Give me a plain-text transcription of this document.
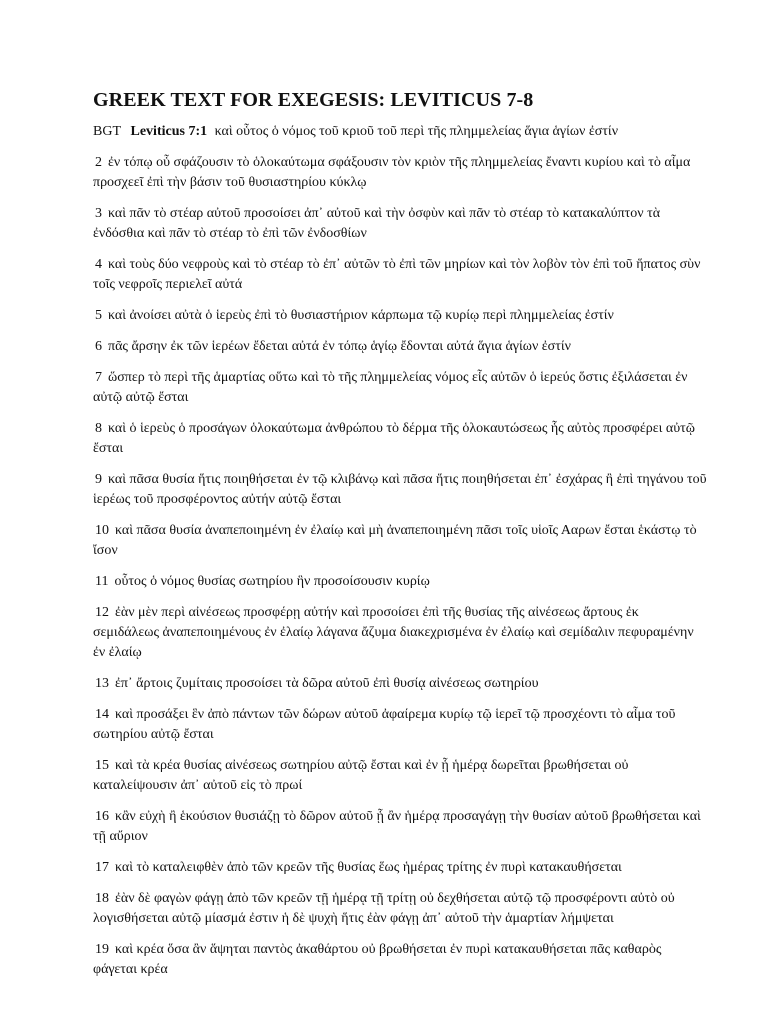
GREEK TEXT FOR EXEGESIS: LEVITICUS 7-8

BGT Leviticus 7:1 καὶ οὗτος ὁ νόμος τοῦ κριοῦ τοῦ περὶ τῆς πλημμελείας ἅγια ἁγίων ἐστίν

2 ἐν τόπῳ οὗ σφάζουσιν τὸ ὁλοκαύτωμα σφάξουσιν τὸν κριὸν τῆς πλημμελείας ἔναντι κυρίου καὶ τὸ αἷμα προσχεεῖ ἐπὶ τὴν βάσιν τοῦ θυσιαστηρίου κύκλῳ

3 καὶ πᾶν τὸ στέαρ αὐτοῦ προσοίσει ἀπ᾽ αὐτοῦ καὶ τὴν ὀσφὺν καὶ πᾶν τὸ στέαρ τὸ κατακαλύπτον τὰ ἐνδόσθια καὶ πᾶν τὸ στέαρ τὸ ἐπὶ τῶν ἐνδοσθίων

4 καὶ τοὺς δύο νεφροὺς καὶ τὸ στέαρ τὸ ἐπ᾽ αὐτῶν τὸ ἐπὶ τῶν μηρίων καὶ τὸν λοβὸν τὸν ἐπὶ τοῦ ἥπατος σὺν τοῖς νεφροῖς περιελεῖ αὐτά

5 καὶ ἀνοίσει αὐτὰ ὁ ἱερεὺς ἐπὶ τὸ θυσιαστήριον κάρπωμα τῷ κυρίῳ περὶ πλημμελείας ἐστίν

6 πᾶς ἄρσην ἐκ τῶν ἱερέων ἔδεται αὐτά ἐν τόπῳ ἁγίῳ ἔδονται αὐτά ἅγια ἁγίων ἐστίν

7 ὥσπερ τὸ περὶ τῆς ἁμαρτίας οὕτω καὶ τὸ τῆς πλημμελείας νόμος εἷς αὐτῶν ὁ ἱερεύς ὅστις ἐξιλάσεται ἐν αὐτῷ αὐτῷ ἔσται

8 καὶ ὁ ἱερεὺς ὁ προσάγων ὁλοκαύτωμα ἀνθρώπου τὸ δέρμα τῆς ὁλοκαυτώσεως ἧς αὐτὸς προσφέρει αὐτῷ ἔσται

9 καὶ πᾶσα θυσία ἥτις ποιηθήσεται ἐν τῷ κλιβάνῳ καὶ πᾶσα ἥτις ποιηθήσεται ἐπ᾽ ἐσχάρας ἢ ἐπὶ τηγάνου τοῦ ἱερέως τοῦ προσφέροντος αὐτήν αὐτῷ ἔσται

10 καὶ πᾶσα θυσία ἀναπεποιημένη ἐν ἐλαίῳ καὶ μὴ ἀναπεποιημένη πᾶσι τοῖς υἱοῖς Ααρων ἔσται ἑκάστῳ τὸ ἴσον

11 οὗτος ὁ νόμος θυσίας σωτηρίου ἣν προσοίσουσιν κυρίῳ

12 ἐὰν μὲν περὶ αἰνέσεως προσφέρῃ αὐτήν καὶ προσοίσει ἐπὶ τῆς θυσίας τῆς αἰνέσεως ἄρτους ἐκ σεμιδάλεως ἀναπεποιημένους ἐν ἐλαίῳ λάγανα ἄζυμα διακεχρισμένα ἐν ἐλαίῳ καὶ σεμίδαλιν πεφυραμένην ἐν ἐλαίῳ

13 ἐπ᾽ ἄρτοις ζυμίταις προσοίσει τὰ δῶρα αὐτοῦ ἐπὶ θυσίᾳ αἰνέσεως σωτηρίου

14 καὶ προσάξει ἓν ἀπὸ πάντων τῶν δώρων αὐτοῦ ἀφαίρεμα κυρίῳ τῷ ἱερεῖ τῷ προσχέοντι τὸ αἷμα τοῦ σωτηρίου αὐτῷ ἔσται

15 καὶ τὰ κρέα θυσίας αἰνέσεως σωτηρίου αὐτῷ ἔσται καὶ ἐν ᾗ ἡμέρᾳ δωρεῖται βρωθήσεται οὐ καταλείψουσιν ἀπ᾽ αὐτοῦ εἰς τὸ πρωί

16 κἂν εὐχὴ ἢ ἑκούσιον θυσιάζῃ τὸ δῶρον αὐτοῦ ᾗ ἂν ἡμέρᾳ προσαγάγῃ τὴν θυσίαν αὐτοῦ βρωθήσεται καὶ τῇ αὔριον

17 καὶ τὸ καταλειφθὲν ἀπὸ τῶν κρεῶν τῆς θυσίας ἕως ἡμέρας τρίτης ἐν πυρὶ κατακαυθήσεται

18 ἐὰν δὲ φαγὼν φάγῃ ἀπὸ τῶν κρεῶν τῇ ἡμέρᾳ τῇ τρίτῃ οὐ δεχθήσεται αὐτῷ τῷ προσφέροντι αὐτὸ οὐ λογισθήσεται αὐτῷ μίασμά ἐστιν ἡ δὲ ψυχὴ ἥτις ἐὰν φάγῃ ἀπ᾽ αὐτοῦ τὴν ἁμαρτίαν λήμψεται

19 καὶ κρέα ὅσα ἂν ἅψηται παντὸς ἀκαθάρτου οὐ βρωθήσεται ἐν πυρὶ κατακαυθήσεται πᾶς καθαρὸς φάγεται κρέα
